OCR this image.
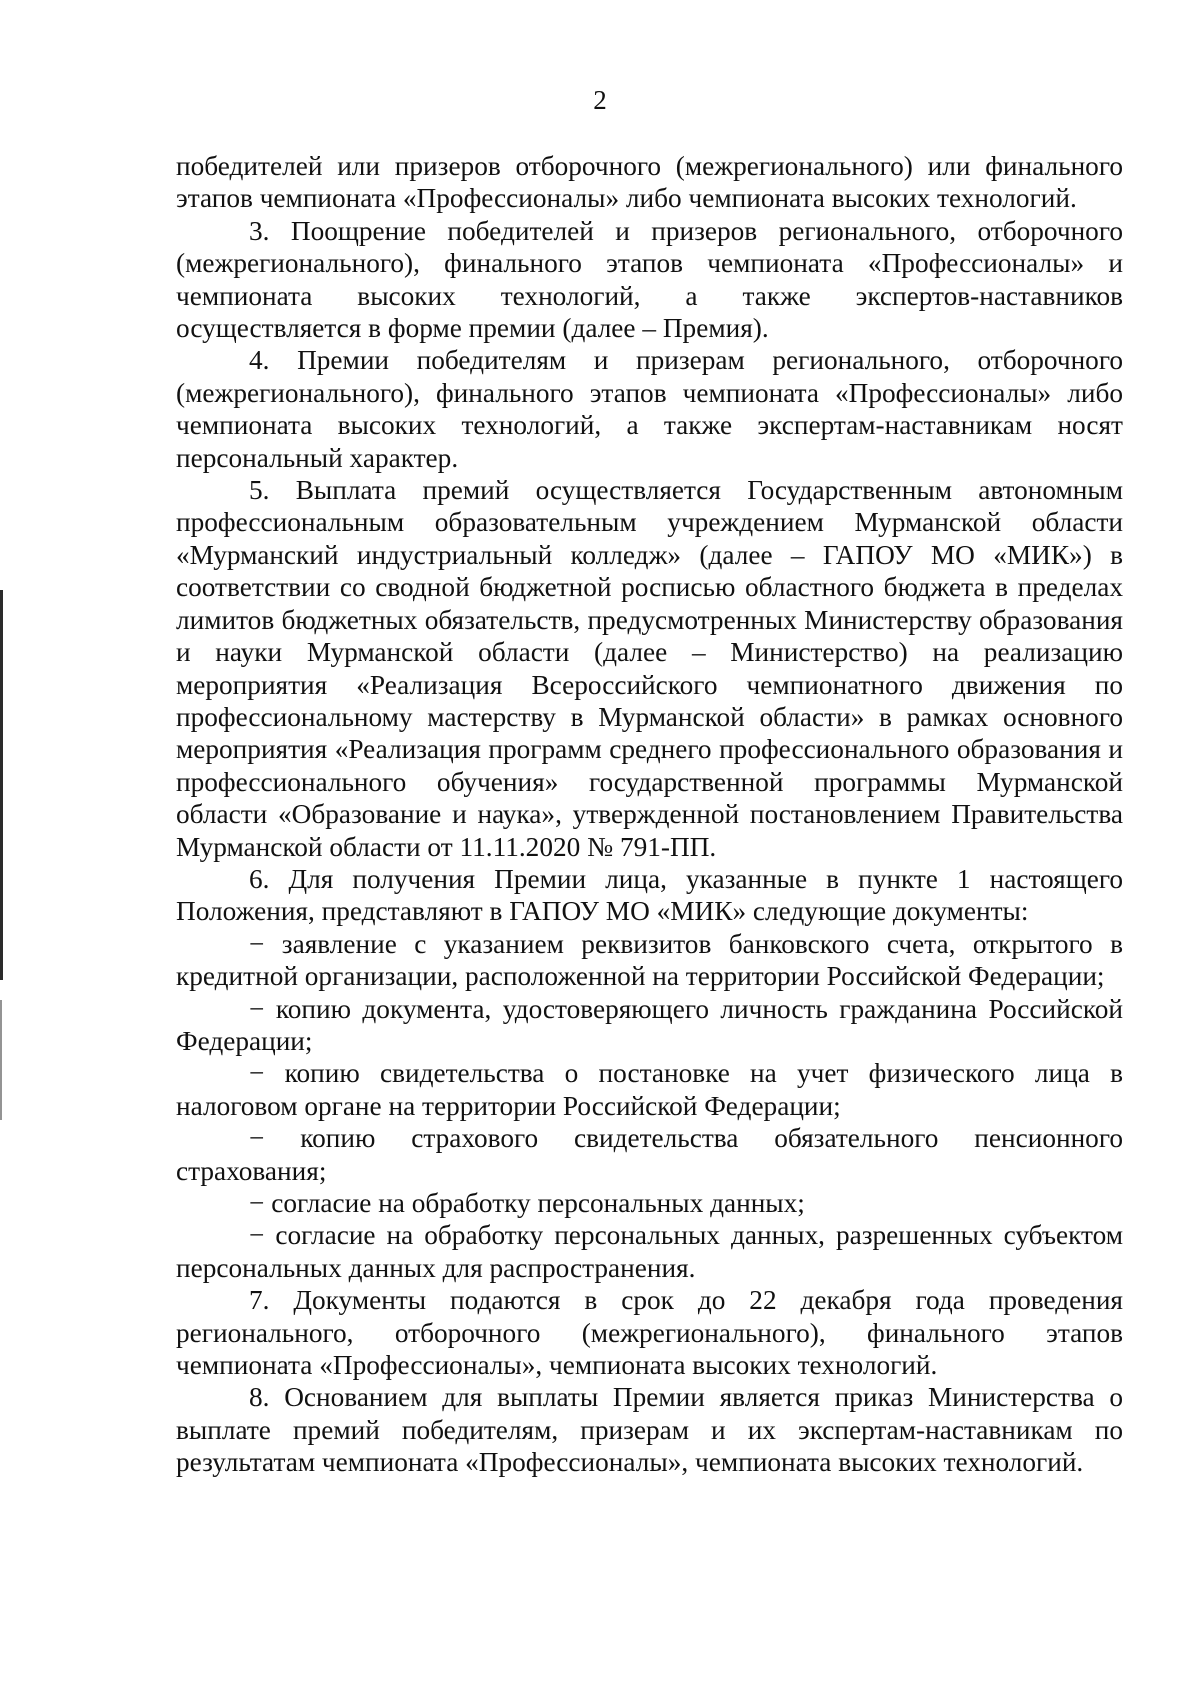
2

победителей или призеров отборочного (межрегионального) или финального этапов чемпионата «Профессионалы» либо чемпионата высоких технологий.

3. Поощрение победителей и призеров регионального, отборочного (межрегионального), финального этапов чемпионата «Профессионалы» и чемпионата высоких технологий, а также экспертов-наставников осуществляется в форме премии (далее – Премия).

4. Премии победителям и призерам регионального, отборочного (межрегионального), финального этапов чемпионата «Профессионалы» либо чемпионата высоких технологий, а также экспертам-наставникам носят персональный характер.

5. Выплата премий осуществляется Государственным автономным профессиональным образовательным учреждением Мурманской области «Мурманский индустриальный колледж» (далее – ГАПОУ МО «МИК») в соответствии со сводной бюджетной росписью областного бюджета в пределах лимитов бюджетных обязательств, предусмотренных Министерству образования и науки Мурманской области (далее – Министерство) на реализацию мероприятия «Реализация Всероссийского чемпионатного движения по профессиональному мастерству в Мурманской области» в рамках основного мероприятия «Реализация программ среднего профессионального образования и профессионального обучения» государственной программы Мурманской области «Образование и наука», утвержденной постановлением Правительства Мурманской области от 11.11.2020 № 791-ПП.

6. Для получения Премии лица, указанные в пункте 1 настоящего Положения, представляют в ГАПОУ МО «МИК» следующие документы:

− заявление с указанием реквизитов банковского счета, открытого в кредитной организации, расположенной на территории Российской Федерации;

− копию документа, удостоверяющего личность гражданина Российской Федерации;

− копию свидетельства о постановке на учет физического лица в налоговом органе на территории Российской Федерации;

− копию страхового свидетельства обязательного пенсионного страхования;

− согласие на обработку персональных данных;

− согласие на обработку персональных данных, разрешенных субъектом персональных данных для распространения.

7. Документы подаются в срок до 22 декабря года проведения регионального, отборочного (межрегионального), финального этапов чемпионата «Профессионалы», чемпионата высоких технологий.

8. Основанием для выплаты Премии является приказ Министерства о выплате премий победителям, призерам и их экспертам-наставникам по результатам чемпионата «Профессионалы», чемпионата высоких технологий.
